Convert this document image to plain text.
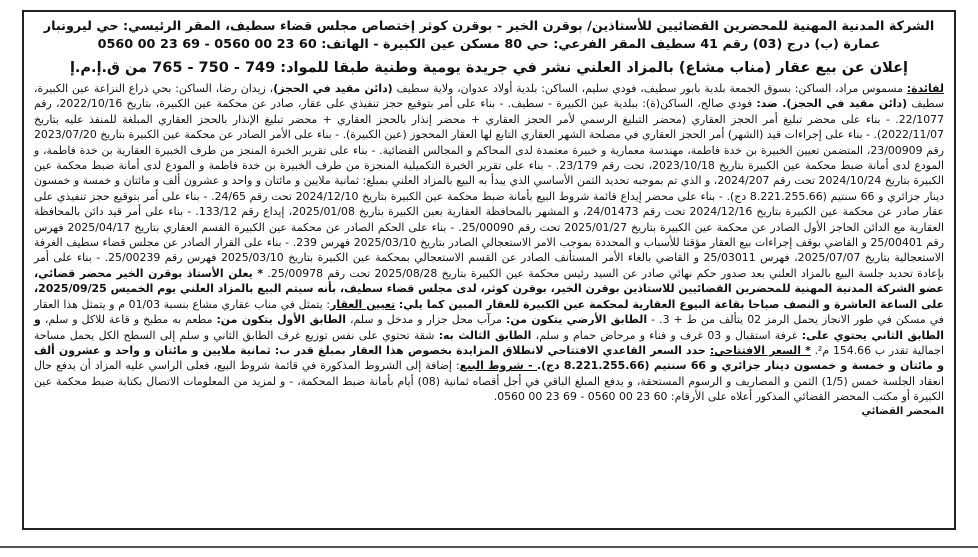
الشركة المدنية المهنية للمحضرين القضائيين للأستاذين/ بوقرن الخير - بوقرن كوثر إختصاص مجلس قضاء سطيف، المقر الرئيسي: حي ليرونبار

عمارة (ب) درج (03) رقم 41 سطيف المقر الفرعي: حي 80 مسكن عين الكبيرة - الهاتف: 60 23 00 0560 - 69 23 00 0560

إعلان عن بيع عقار (مناب مشاع) بالمزاد العلني نشر في جريدة يومية وطنية طبقا للمواد: 749 - 750 - 765 من ق.إ.م.إ

لفائدة: مسموس مراد، الساكن: بسوق الجمعة بلدية بابور سطيف، فودي سليم، الساكن: بلدية أولاد عدوان، ولاية سطيف (دائن مقيد في الحجز)، زيدان رضا، الساكن: بحي ذراع النزاعة عين الكبيرة، سطيف (دائن مقيد في الحجز). ضد: فودي صالح، الساكن(ة): ببلدية عين الكبيرة - سطيف. - بناء على أمر بتوقيع حجز تنفيذي على عقار، صادر عن محكمة عين الكبيرة، بتاريخ 2022/10/16، رقم 22/1077. - بناء على محضر تبليغ أمر الحجز العقاري (محضر التبليغ الرسمي لأمر الحجز العقاري + محضر إنذار بالحجز العقاري + محضر تبليغ الإنذار بالحجز العقاري المبلغة للمنفذ عليه بتاريخ 2022/11/07). - بناء على إجراءات قيد (الشهر) أمر الحجز العقاري في مصلحة الشهر العقاري التابع لها العقار المحجوز (عين الكبيرة). - بناء على الأمر الصادر عن محكمة عين الكبيرة بتاريخ 2023/07/20 رقم 23/00909، المتضمن تعيين الخبيرة بن خدة فاطمة، مهندسة معمارية و خبيرة معتمدة لدى المحاكم و المجالس القضائية. - بناء على تقرير الخبرة المنجز من طرف الخبيرة العقارية بن خدة فاطمة، و المودع لدى أمانة ضبط محكمة عين الكبيرة بتاريخ 2023/10/18، تحت رقم 23/179. - بناء على تقرير الخبرة التكميلية المنجزة من طرف الخبيرة بن خدة فاطمة و المودع لدى أمانة ضبط محكمة عين الكبيرة بتاريخ 2024/10/24 تحت رقم 2024/207، و الذي تم بموجبه تحديد الثمن الأساسي الذي يبدأ به البيع بالمزاد العلني بمبلغ: ثمانية ملايين و مائتان و واحد و عشرون ألف و مائتان و خمسة و خمسون دينار جزائري و 66 سنتيم (8.221.255.66 دج). - بناء على محضر إيداع قائمة شروط البيع بأمانة ضبط محكمة عين الكبيرة بتاريخ 2024/12/10 تحت رقم 24/65. - بناء على أمر بتوقيع حجز تنفيذي على عقار صادر عن محكمة عين الكبيرة بتاريخ 2024/12/16 تحت رقم 24/01473، و المشهر بالمحافظة العقارية بعين الكبيرة بتاريخ 2025/01/08، إيداع رقم 133/12. - بناء على أمر قيد دائن بالمحافظة العقارية مع الدائن الحاجز الأول الصادر عن محكمة عين الكبيرة بتاريخ 2025/01/27 تحت رقم 25/00090. - بناء على الحكم الصادر عن محكمة عين الكبيرة القسم العقاري بتاريخ 2025/04/17 فهرس رقم 25/00401 و القاضي بوقف إجراءات بيع العقار مؤقتا للأسباب و المحددة بموجب الامر الاستعجالي الصادر بتاريخ 2025/03/10 فهرس 239. - بناء على القرار الصادر عن مجلس قضاء سطيف الغرفة الاستعجالية بتاريخ 2025/07/07، فهرس 25/03011 و القاضي بالغاء الأمر المستأنف الصادر عن القسم الاستعجالي بمحكمة عين الكبيرة بتاريخ 2025/03/10 فهرس رقم 25/00239. - بناء على أمر بإعادة تحديد جلسة البيع بالمزاد العلني بعد صدور حكم نهائي صادر عن السيد رئيس محكمة عين الكبيرة بتاريخ 2025/08/28 تحت رقم 25/00978. * يعلن الأستاذ بوقرن الخير محضر قضائي، عضو الشركة المدنية المهنية للمحضرين القضائيين للاستاذين بوقرن الخير، بوقرن كوثر، لدى مجلس قضاء سطيف، بأنه سيتم البيع بالمزاد العلني يوم الخميس 2025/09/25، على الساعة العاشرة و النصف صباحا بقاعة البيوع العقارية لمحكمة عين الكبيرة للعقار المبين كما يلي: تعيين العقار: يتمثل في مناب عقاري مشاع بنسبة 01/03 م و يتمثل هذا العقار في مسكن في طور الانجاز يحمل الرمز 02 يتألف من ط + 3. - الطابق الأرضي يتكون من: مرآب محل جزار و مدخل و سلم، الطابق الأول يتكون من: مطعم به مطبخ و قاعة للاكل و سلم، و الطابق الثاني يحتوي على: غرفة استقبال و 03 غرف و فناء و مرحاض حمام و سلم، الطابق الثالث به: شقة تحتوي على نفس توزيع غرف الطابق الثاني و سلم إلى السطح الكل يحمل مساحة اجمالية تقدر ب 154.66 م². * السعر الافتتاحي: حدد السعر القاعدي الافتتاحي لانطلاق المزايدة بخصوص هذا العقار بمبلغ قدر ب: ثمانية ملايين و مائتان و واحد و عشرون ألف و مائتان و خمسة و خمسون دينار جزائري و 66 سنتيم (8.221.255.66 دج). - شروط البيع: إضافة إلى الشروط المذكورة في قائمة شروط البيع، فعلى الراسي عليه المزاد أن يدفع حال انعقاد الجلسة خمس (1/5) الثمن و المصاريف و الرسوم المستحقة، و يدفع المبلغ الباقي في أجل أقصاه ثمانية (08) أيام بأمانة ضبط المحكمة، - و لمزيد من المعلومات الاتصال بكتابة ضبط محكمة عين الكبيرة أو مكتب المحضر القضائي المذكور أعلاه على الأرقام: 60 23 00 0560 - 69 23 00 0560.

المحضر القضائي
